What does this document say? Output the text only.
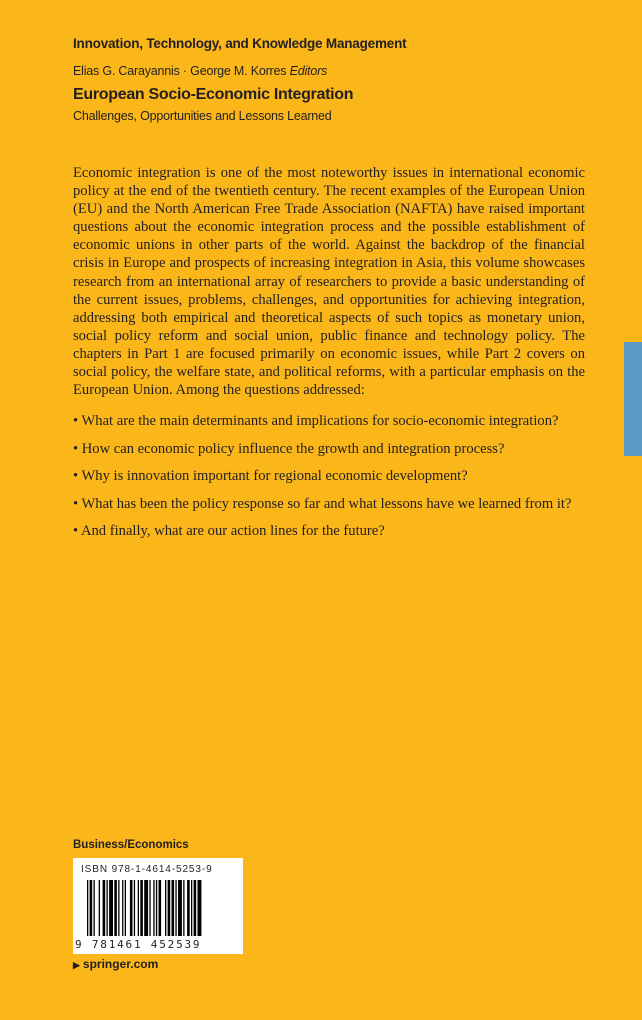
Innovation, Technology, and Knowledge Management
Elias G. Carayannis · George M. Korres Editors
European Socio-Economic Integration
Challenges, Opportunities and Lessons Learned
Economic integration is one of the most noteworthy issues in international economic policy at the end of the twentieth century. The recent examples of the European Union (EU) and the North American Free Trade Association (NAFTA) have raised important questions about the economic integration process and the possible establishment of economic unions in other parts of the world. Against the backdrop of the financial crisis in Europe and prospects of increasing integration in Asia, this volume showcases research from an international array of researchers to provide a basic understanding of the current issues, problems, challenges, and opportunities for achieving integration, addressing both empirical and theoretical aspects of such topics as monetary union, social policy reform and social union, public finance and technology policy. The chapters in Part 1 are focused primarily on economic issues, while Part 2 covers on social policy, the welfare state, and political reforms, with a particular emphasis on the European Union. Among the questions addressed:
• What are the main determinants and implications for socio-economic integration?
• How can economic policy influence the growth and integration process?
• Why is innovation important for regional economic development?
• What has been the policy response so far and what lessons have we learned from it?
• And finally, what are our action lines for the future?
Business/Economics
ISBN 978-1-4614-5253-9
9 781461 452539
▶ springer.com
